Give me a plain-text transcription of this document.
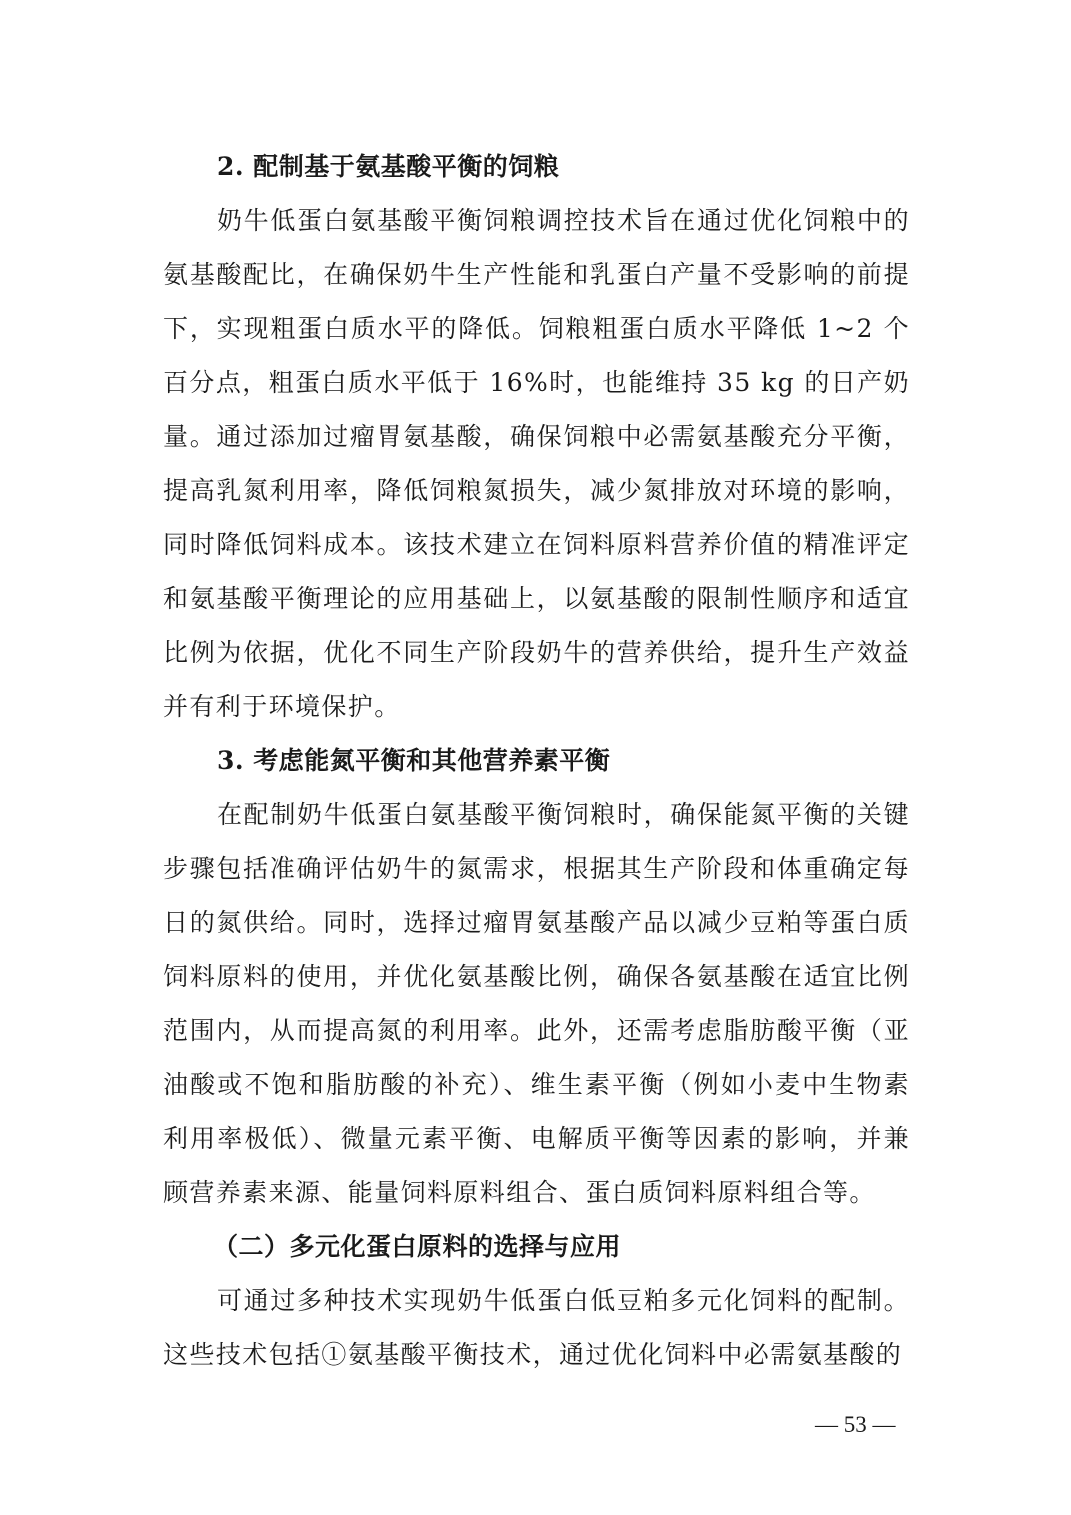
2. 配制基于氨基酸平衡的饲粮

奶牛低蛋白氨基酸平衡饲粮调控技术旨在通过优化饲粮中的氨基酸配比，在确保奶牛生产性能和乳蛋白产量不受影响的前提下，实现粗蛋白质水平的降低。饲粮粗蛋白质水平降低 1~2 个百分点，粗蛋白质水平低于 16%时，也能维持 35 kg 的日产奶量。通过添加过瘤胃氨基酸，确保饲粮中必需氨基酸充分平衡，提高乳氮利用率，降低饲粮氮损失，减少氮排放对环境的影响，同时降低饲料成本。该技术建立在饲料原料营养价值的精准评定和氨基酸平衡理论的应用基础上，以氨基酸的限制性顺序和适宜比例为依据，优化不同生产阶段奶牛的营养供给，提升生产效益并有利于环境保护。

3. 考虑能氮平衡和其他营养素平衡

在配制奶牛低蛋白氨基酸平衡饲粮时，确保能氮平衡的关键步骤包括准确评估奶牛的氮需求，根据其生产阶段和体重确定每日的氮供给。同时，选择过瘤胃氨基酸产品以减少豆粕等蛋白质饲料原料的使用，并优化氨基酸比例，确保各氨基酸在适宜比例范围内，从而提高氮的利用率。此外，还需考虑脂肪酸平衡（亚油酸或不饱和脂肪酸的补充）、维生素平衡（例如小麦中生物素利用率极低）、微量元素平衡、电解质平衡等因素的影响，并兼顾营养素来源、能量饲料原料组合、蛋白质饲料原料组合等。

（二）多元化蛋白原料的选择与应用

可通过多种技术实现奶牛低蛋白低豆粕多元化饲料的配制。这些技术包括①氨基酸平衡技术，通过优化饲料中必需氨基酸的

— 53 —
